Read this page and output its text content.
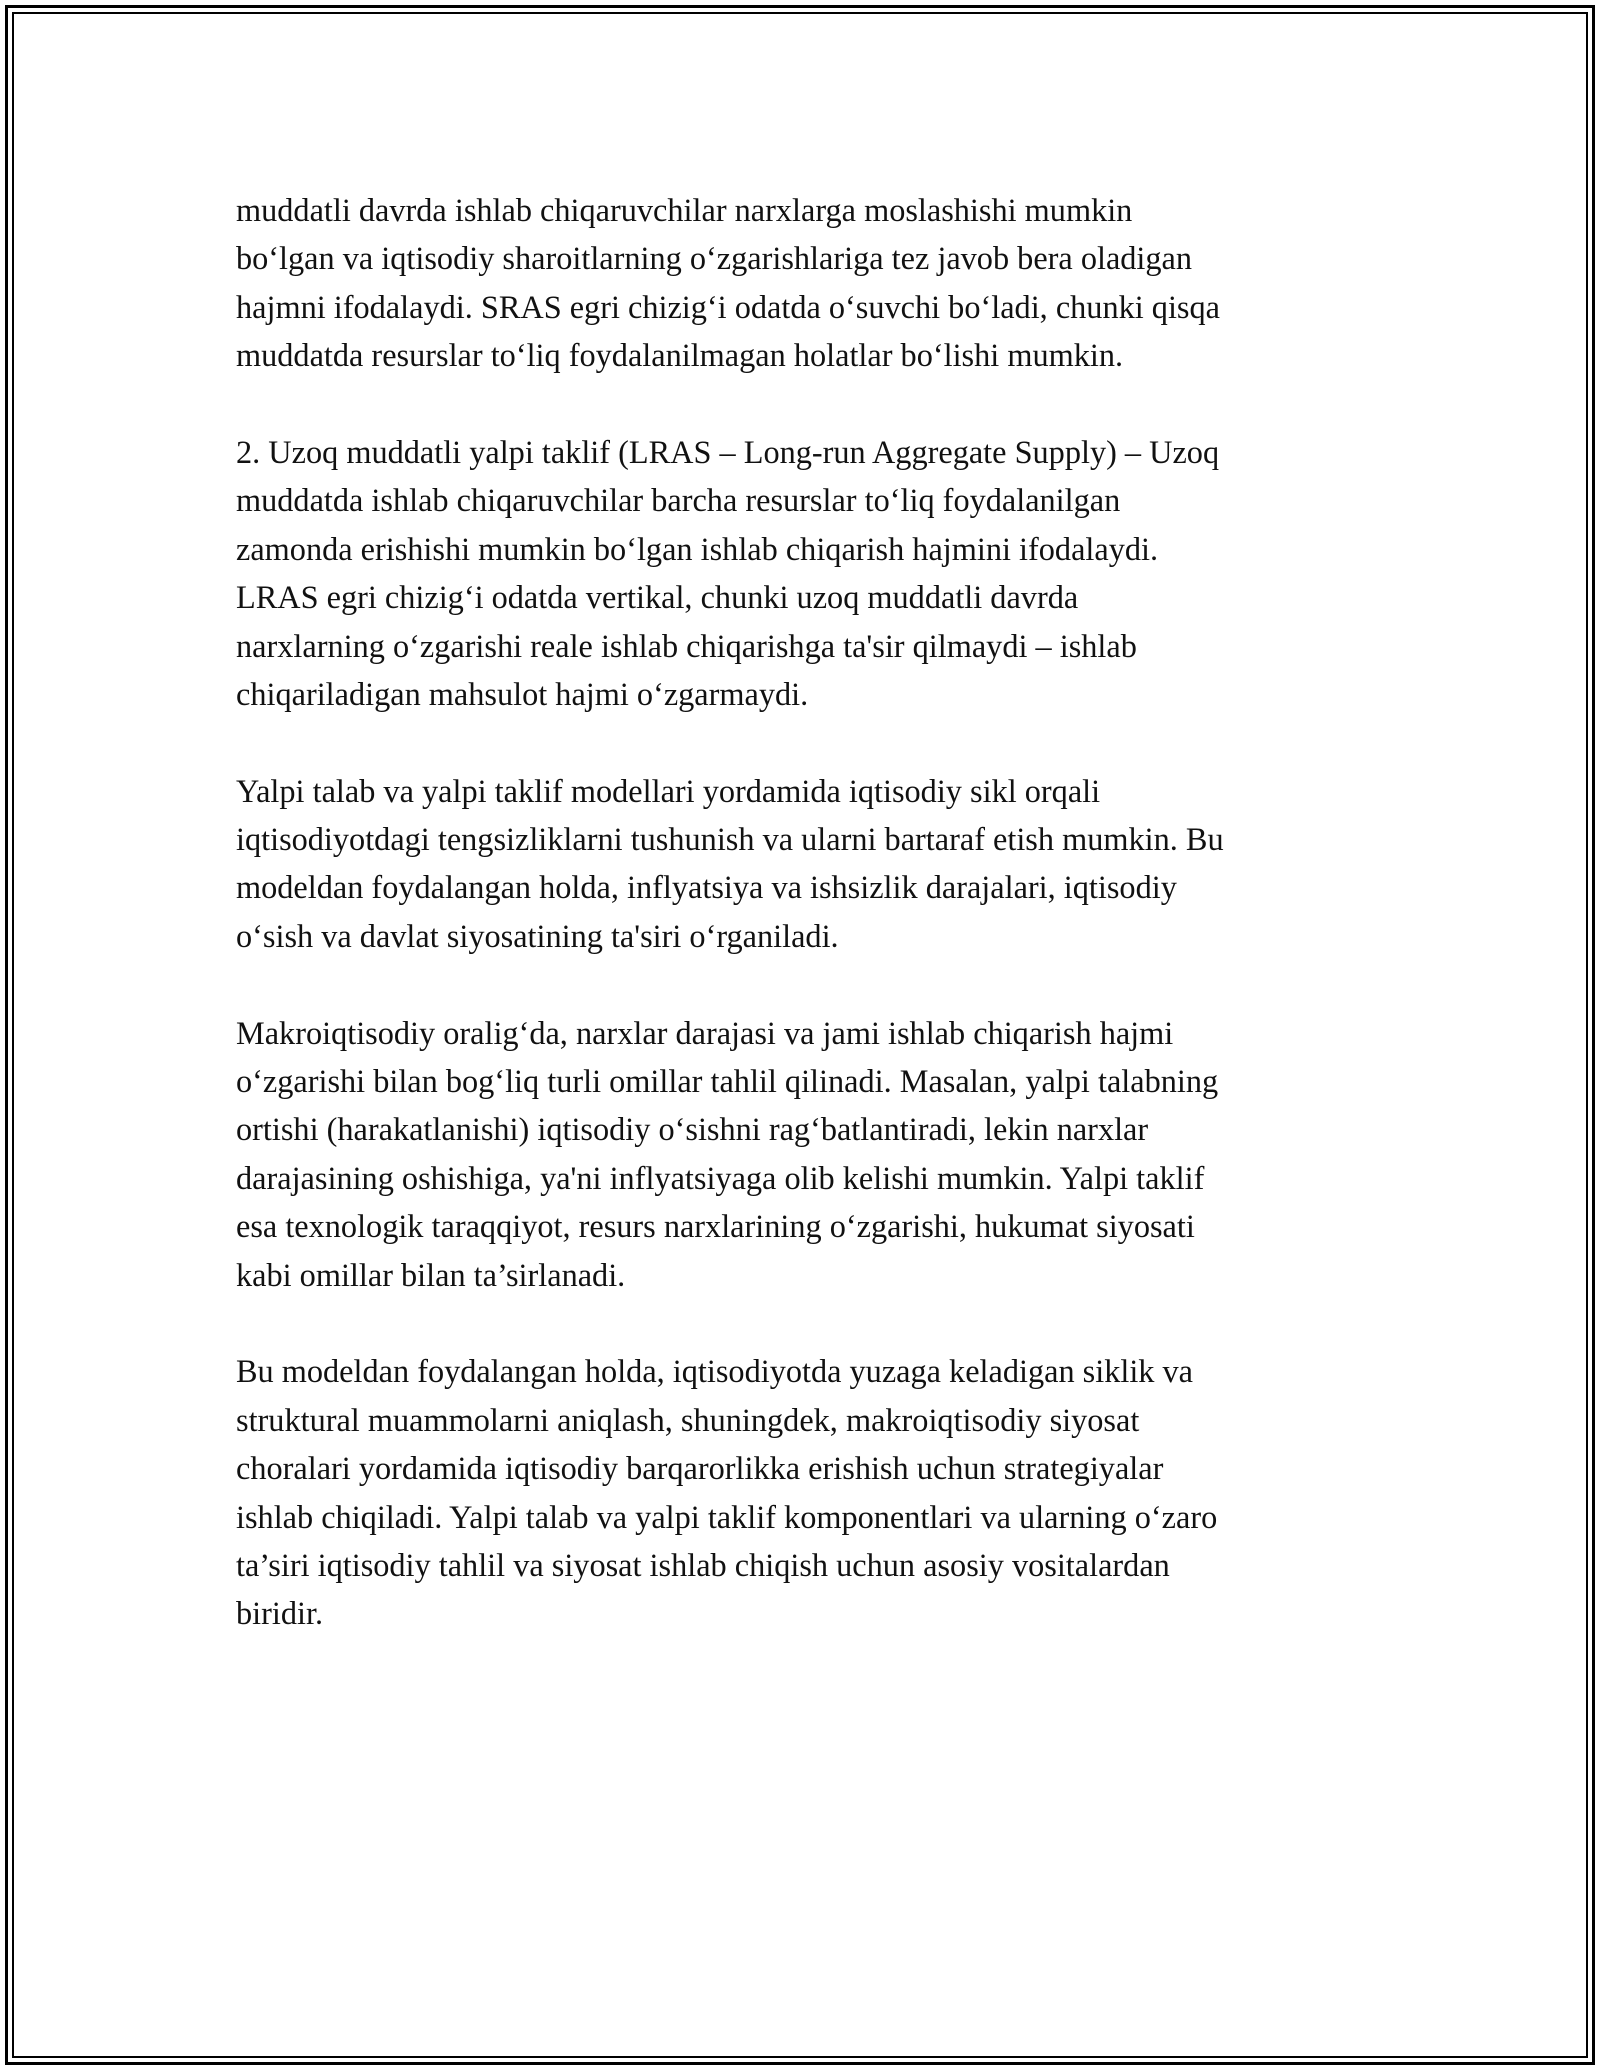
muddatli davrda ishlab chiqaruvchilar narxlarga moslashishi mumkin
bo‘lgan va iqtisodiy sharoitlarning o‘zgarishlariga tez javob bera oladigan
hajmni ifodalaydi. SRAS egri chizig‘i odatda o‘suvchi bo‘ladi, chunki qisqa
muddatda resurslar to‘liq foydalanilmagan holatlar bo‘lishi mumkin.

2. Uzoq muddatli yalpi taklif (LRAS – Long-run Aggregate Supply) – Uzoq
muddatda ishlab chiqaruvchilar barcha resurslar to‘liq foydalanilgan
zamonda erishishi mumkin bo‘lgan ishlab chiqarish hajmini ifodalaydi.
LRAS egri chizig‘i odatda vertikal, chunki uzoq muddatli davrda
narxlarning o‘zgarishi reale ishlab chiqarishga ta'sir qilmaydi – ishlab
chiqariladigan mahsulot hajmi o‘zgarmaydi.

Yalpi talab va yalpi taklif modellari yordamida iqtisodiy sikl orqali
iqtisodiyotdagi tengsizliklarni tushunish va ularni bartaraf etish mumkin. Bu
modeldan foydalangan holda, inflyatsiya va ishsizlik darajalari, iqtisodiy
o‘sish va davlat siyosatining ta'siri o‘rganiladi.

Makroiqtisodiy oralig‘da, narxlar darajasi va jami ishlab chiqarish hajmi
o‘zgarishi bilan bog‘liq turli omillar tahlil qilinadi. Masalan, yalpi talabning
ortishi (harakatlanishi) iqtisodiy o‘sishni rag‘batlantiradi, lekin narxlar
darajasining oshishiga, ya'ni inflyatsiyaga olib kelishi mumkin. Yalpi taklif
esa texnologik taraqqiyot, resurs narxlarining o‘zgarishi, hukumat siyosati
kabi omillar bilan ta’sirlanadi.

Bu modeldan foydalangan holda, iqtisodiyotda yuzaga keladigan siklik va
struktural muammolarni aniqlash, shuningdek, makroiqtisodiy siyosat
choralari yordamida iqtisodiy barqarorlikka erishish uchun strategiyalar
ishlab chiqiladi. Yalpi talab va yalpi taklif komponentlari va ularning o‘zaro
ta’siri iqtisodiy tahlil va siyosat ishlab chiqish uchun asosiy vositalardan
biridir.
